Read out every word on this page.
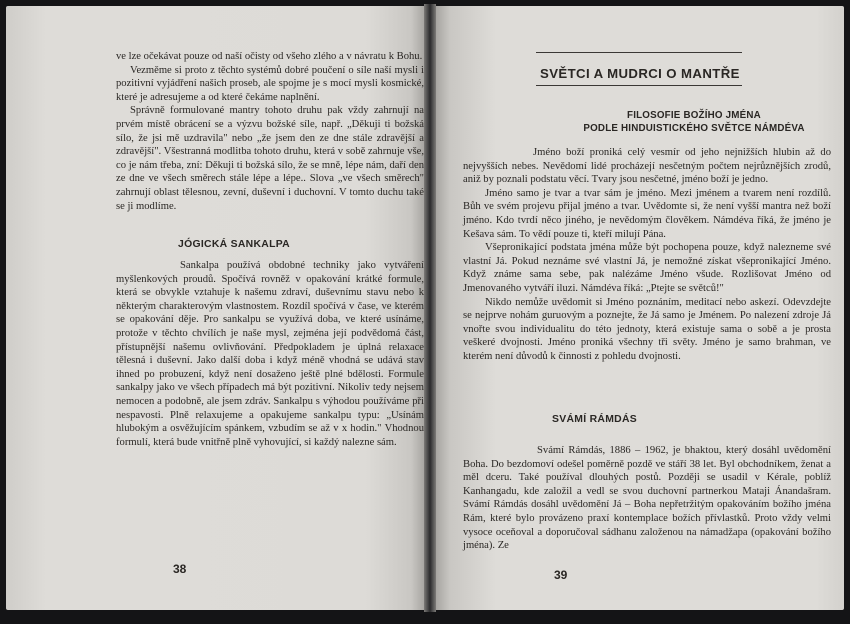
ve lze očekávat pouze od naší očisty od všeho zlého a v návratu k Bohu.

Vezměme si proto z těchto systémů dobré poučení o síle naší mysli i pozitivní vyjádření našich proseb, ale spojme je s mocí mysli kosmické, které je adresujeme a od které čekáme naplnění.

Správně formulované mantry tohoto druhu pak vždy zahrnují na prvém místě obrácení se a výzvu božské síle, např. „Děkuji ti božská sílo, že jsi mě uzdravila" nebo „že jsem den ze dne stále zdravější a zdravější". Všestranná modlitba tohoto druhu, která v sobě zahrnuje vše, co je nám třeba, zní: Děkuji ti božská sílo, že se mně, lépe nám, daří den ze dne ve všech směrech stále lépe a lépe.. Slova „ve všech směrech" zahrnují oblast tělesnou, zevní, duševní i duchovní. V tomto duchu také se ji modlíme.

JÓGICKÁ SANKALPA

Sankalpa používá obdobné techniky jako vytváření myšlenkových proudů. Spočívá rovněž v opakování krátké formule, která se obvykle vztahuje k našemu zdraví, duševnímu stavu nebo k některým charakterovým vlastnostem. Rozdíl spočívá v čase, ve kterém se opakování děje. Pro sankalpu se využívá doba, ve které usínáme, protože v těchto chvílích je naše mysl, zejména její podvědomá část, přístupnější našemu ovlivňování. Předpokladem je úplná relaxace tělesná i duševní. Jako další doba i když méně vhodná se udává stav ihned po probuzení, když není dosaženo ještě plné bdělosti. Formule sankalpy jako ve všech případech má být pozitivní. Nikoliv tedy nejsem nemocen a podobně, ale jsem zdráv. Sankalpu s výhodou používáme při nespavosti. Plně relaxujeme a opakujeme sankalpu typu: „Usínám hlubokým a osvěžujícím spánkem, vzbudím se až v x hodin." Vhodnou formulí, která bude vnitřně plně vyhovující, si každý nalezne sám.

38
SVĚTCI A MUDRCI O MANTŘE
FILOSOFIE BOŽÍHO JMÉNA
PODLE HINDUISTICKÉHO SVĚTCE NÁMDÉVA

Jméno boží proniká celý vesmír od jeho nejnižších hlubin až do nejvyšších nebes. Nevědomí lidé procházejí nesčetným počtem nejrůznějších zrodů, aniž by poznali podstatu věcí. Tvary jsou nesčetné, jméno boží je jedno.

Jméno samo je tvar a tvar sám je jméno. Mezi jménem a tvarem není rozdílů. Bůh ve svém projevu přijal jméno a tvar. Uvědomte si, že není vyšší mantra než boží jméno. Kdo tvrdí něco jiného, je nevědomým člověkem. Námdéva říká, že jméno je Kešava sám. To vědí pouze ti, kteří milují Pána.

Všepronikající podstata jména může být pochopena pouze, když nalezneme své vlastní Já. Pokud neznáme své vlastní Já, je nemožné získat všepronikající Jméno. Když známe sama sebe, pak nalézáme Jméno všude. Rozlišovat Jméno od Jmenovaného vytváří iluzi. Námdéva říká: „Ptejte se světců!"

Nikdo nemůže uvědomit si Jméno poznáním, meditací nebo askezí. Odevzdejte se nejprve nohám guruovým a poznejte, že Já samo je Jménem. Po nalezení zdroje Já vnořte svou individualitu do této jednoty, která existuje sama o sobě a je prosta veškeré dvojnosti. Jméno proniká všechny tři světy. Jméno je samo brahman, ve kterém není důvodů k činnosti z pohledu dvojnosti.

SVÁMÍ RÁMDÁS

Svámí Rámdás, 1886 – 1962, je bhaktou, který dosáhl uvědomění Boha. Do bezdomoví odešel poměrně pozdě ve stáří 38 let. Byl obchodníkem, ženat a měl dceru. Také používal dlouhých postů. Později se usadil v Kérale, poblíž Kanhangadu, kde založil a vedl se svou duchovní partnerkou Mataji Ánandašram. Svámí Rámdás dosáhl uvědomění Já – Boha nepřetržitým opakováním božího jména Rám, které bylo provázeno praxí kontemplace božích přívlastků. Proto vždy velmi vysoce oceňoval a doporučoval sádhanu založenou na námadžapa (opakování božího jména). Ze

39
